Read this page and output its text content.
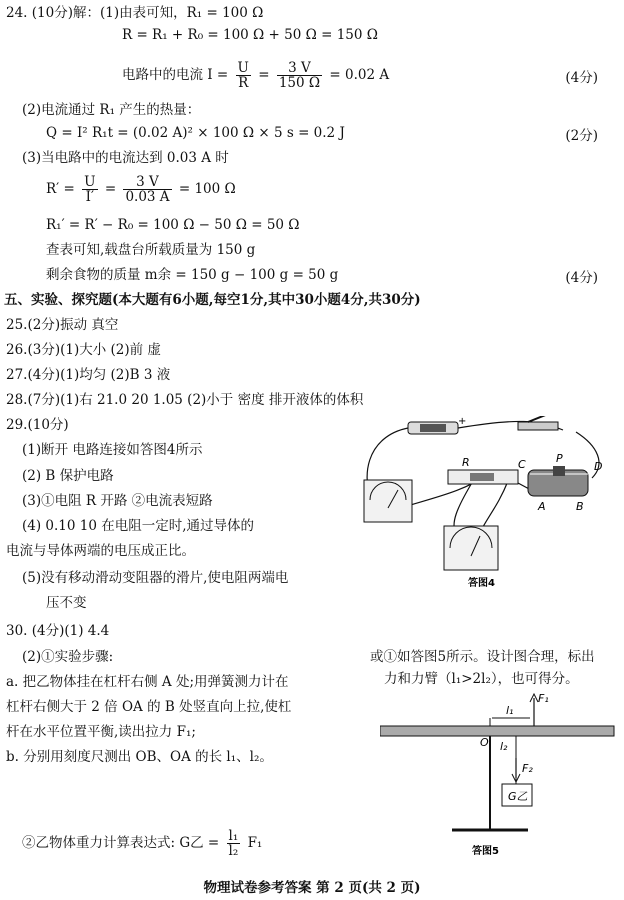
24. (10分)解：(1)由表可知，R₁ = 100 Ω
R = R₁ + R₀ = 100 Ω + 50 Ω = 150 Ω
电路中的电流 $I = \frac{U}{R} = \frac{3 V}{150 \Omega} = 0.02$ A	(4分)
(2)电流通过 R₁ 产生的热量：
Q = I² R₁t = (0.02 A)² × 100 Ω × 5 s = 0.2 J	(2分)
(3)当电路中的电流达到 0.03 A 时
$R' = \frac{U}{I'} = \frac{3 V}{0.03 A} = 100$ Ω
R₁′ = R′ − R₀ = 100 Ω − 50 Ω = 50 Ω
查表可知,载盘台所载质量为 150 g
剩余食物的质量 m余 = 150 g − 100 g = 50 g	(4分)
五、实验、探究题(本大题有6小题,每空1分,其中30小题4分,共30分)
25.(2分)振动 真空
26.(3分)(1)大小 (2)前 虚
27.(4分)(1)均匀 (2)B 3 液
28.(7分)(1)右 21.0 20 1.05 (2)小于 密度 排开液体的体积
29.(10分)
(1)断开 电路连接如答图4所示
(2) B 保护电路
(3)①电阻 R 开路 ②电流表短路
(4) 0.10 10 在电阻一定时,通过导体的
电流与导体两端的电压成正比。
(5)没有移动滑动变阻器的滑片,使电阻两端电
压不变
+
R	C	P
D
A	B
答图4
30. (4分)(1) 4.4
(2)①实验步骤:
a. 把乙物体挂在杠杆右侧 A 处;用弹簧测力计在
杠杆右侧大于 2 倍 OA 的 B 处竖直向上拉,使杠
杆在水平位置平衡,读出拉力 F₁;
b. 分别用刻度尺测出 OB、OA 的长 l₁、l₂。
或①如答图5所示。设计图合理，标出
力和力臂（l₁>2l₂），也可得分。
②乙物体重力计算表达式: G乙 = $\frac{\text{l₁}}{\text{l₂}} F_1$
l₁
F₁
O l₂
F₂
G乙
答图5
物理试卷参考答案 第 2 页(共 2 页)
